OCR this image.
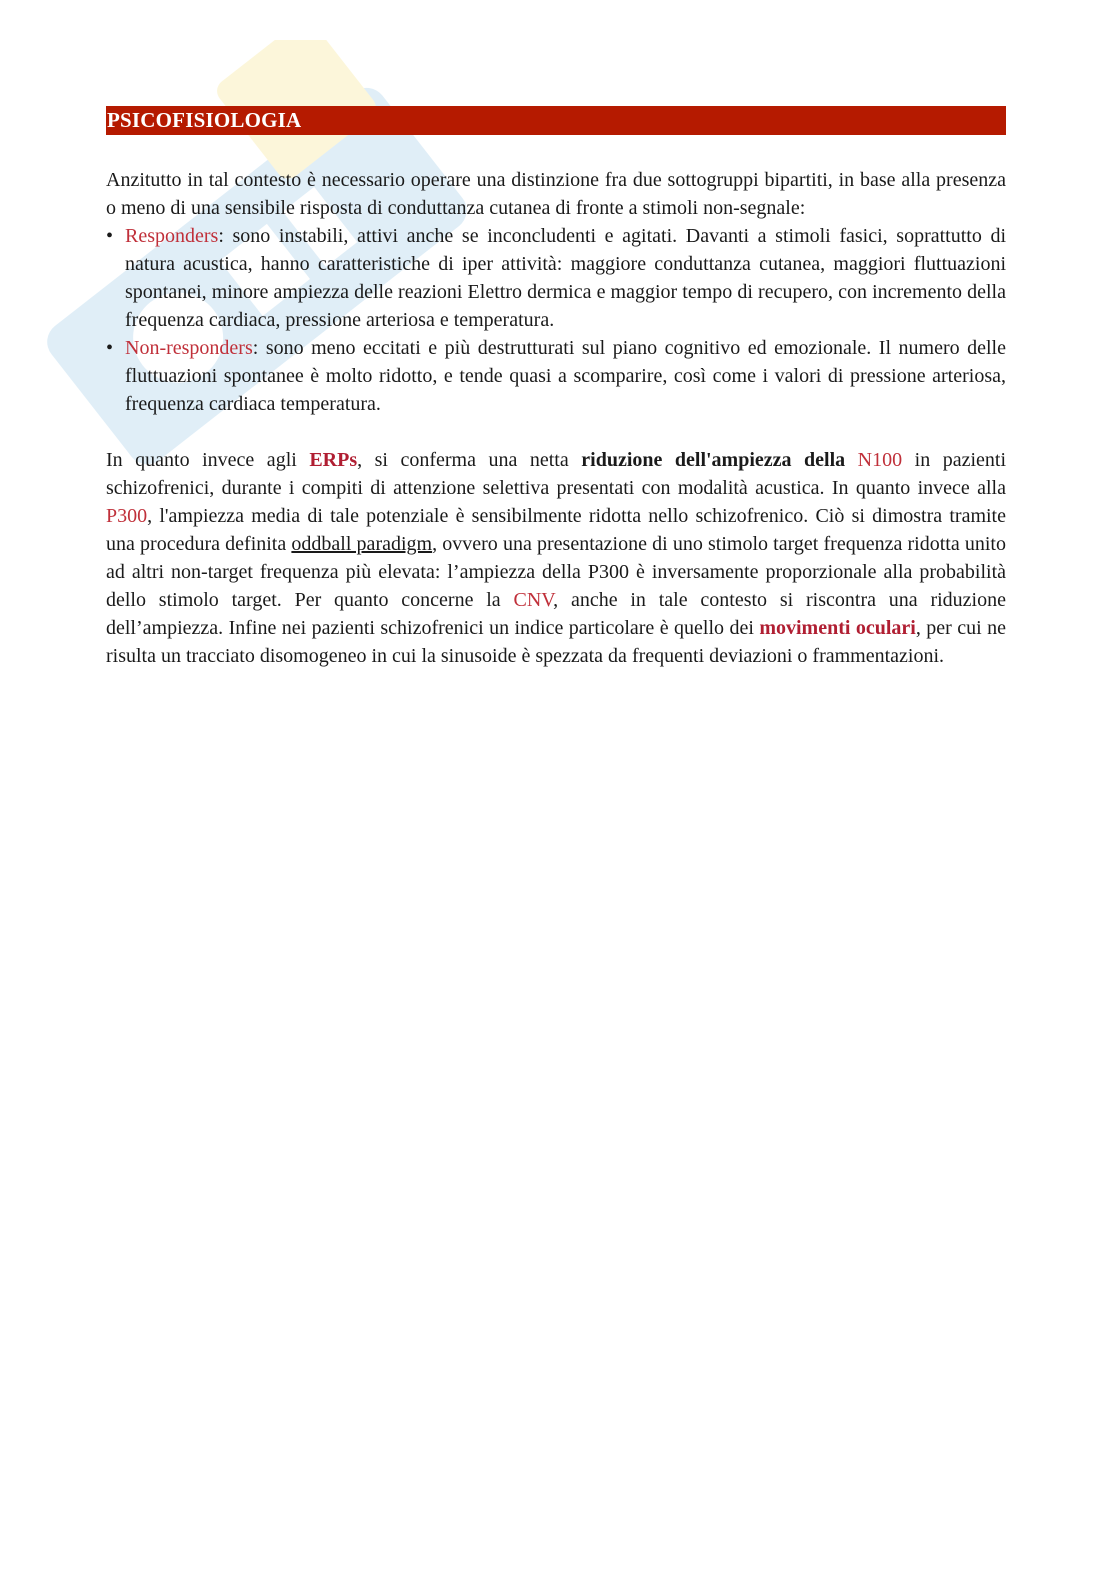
PSICOFISIOLOGIA

Anzitutto in tal contesto è necessario operare una distinzione fra due sottogruppi bipartiti, in base alla presenza o meno di una sensibile risposta di conduttanza cutanea di fronte a stimoli non-segnale:

• Responders: sono instabili, attivi anche se inconcludenti e agitati. Davanti a stimoli fasici, soprattutto di natura acustica, hanno caratteristiche di iper attività: maggiore conduttanza cutanea, maggiori fluttuazioni spontanei, minore ampiezza delle reazioni Elettro dermica e maggior tempo di recupero, con incremento della frequenza cardiaca, pressione arteriosa e temperatura.
• Non-responders: sono meno eccitati e più destrutturati sul piano cognitivo ed emozionale. Il numero delle fluttuazioni spontanee è molto ridotto, e tende quasi a scomparire, così come i valori di pressione arteriosa, frequenza cardiaca temperatura.

In quanto invece agli ERPs, si conferma una netta riduzione dell'ampiezza della N100 in pazienti schizofrenici, durante i compiti di attenzione selettiva presentati con modalità acustica. In quanto invece alla P300, l'ampiezza media di tale potenziale è sensibilmente ridotta nello schizofrenico. Ciò si dimostra tramite una procedura definita oddball paradigm, ovvero una presentazione di uno stimolo target frequenza ridotta unito ad altri non-target frequenza più elevata: l’ampiezza della P300 è inversamente proporzionale alla probabilità dello stimolo target. Per quanto concerne la CNV, anche in tale contesto si riscontra una riduzione dell’ampiezza. Infine nei pazienti schizofrenici un indice particolare è quello dei movimenti oculari, per cui ne risulta un tracciato disomogeneo in cui la sinusoide è spezzata da frequenti deviazioni o frammentazioni.
